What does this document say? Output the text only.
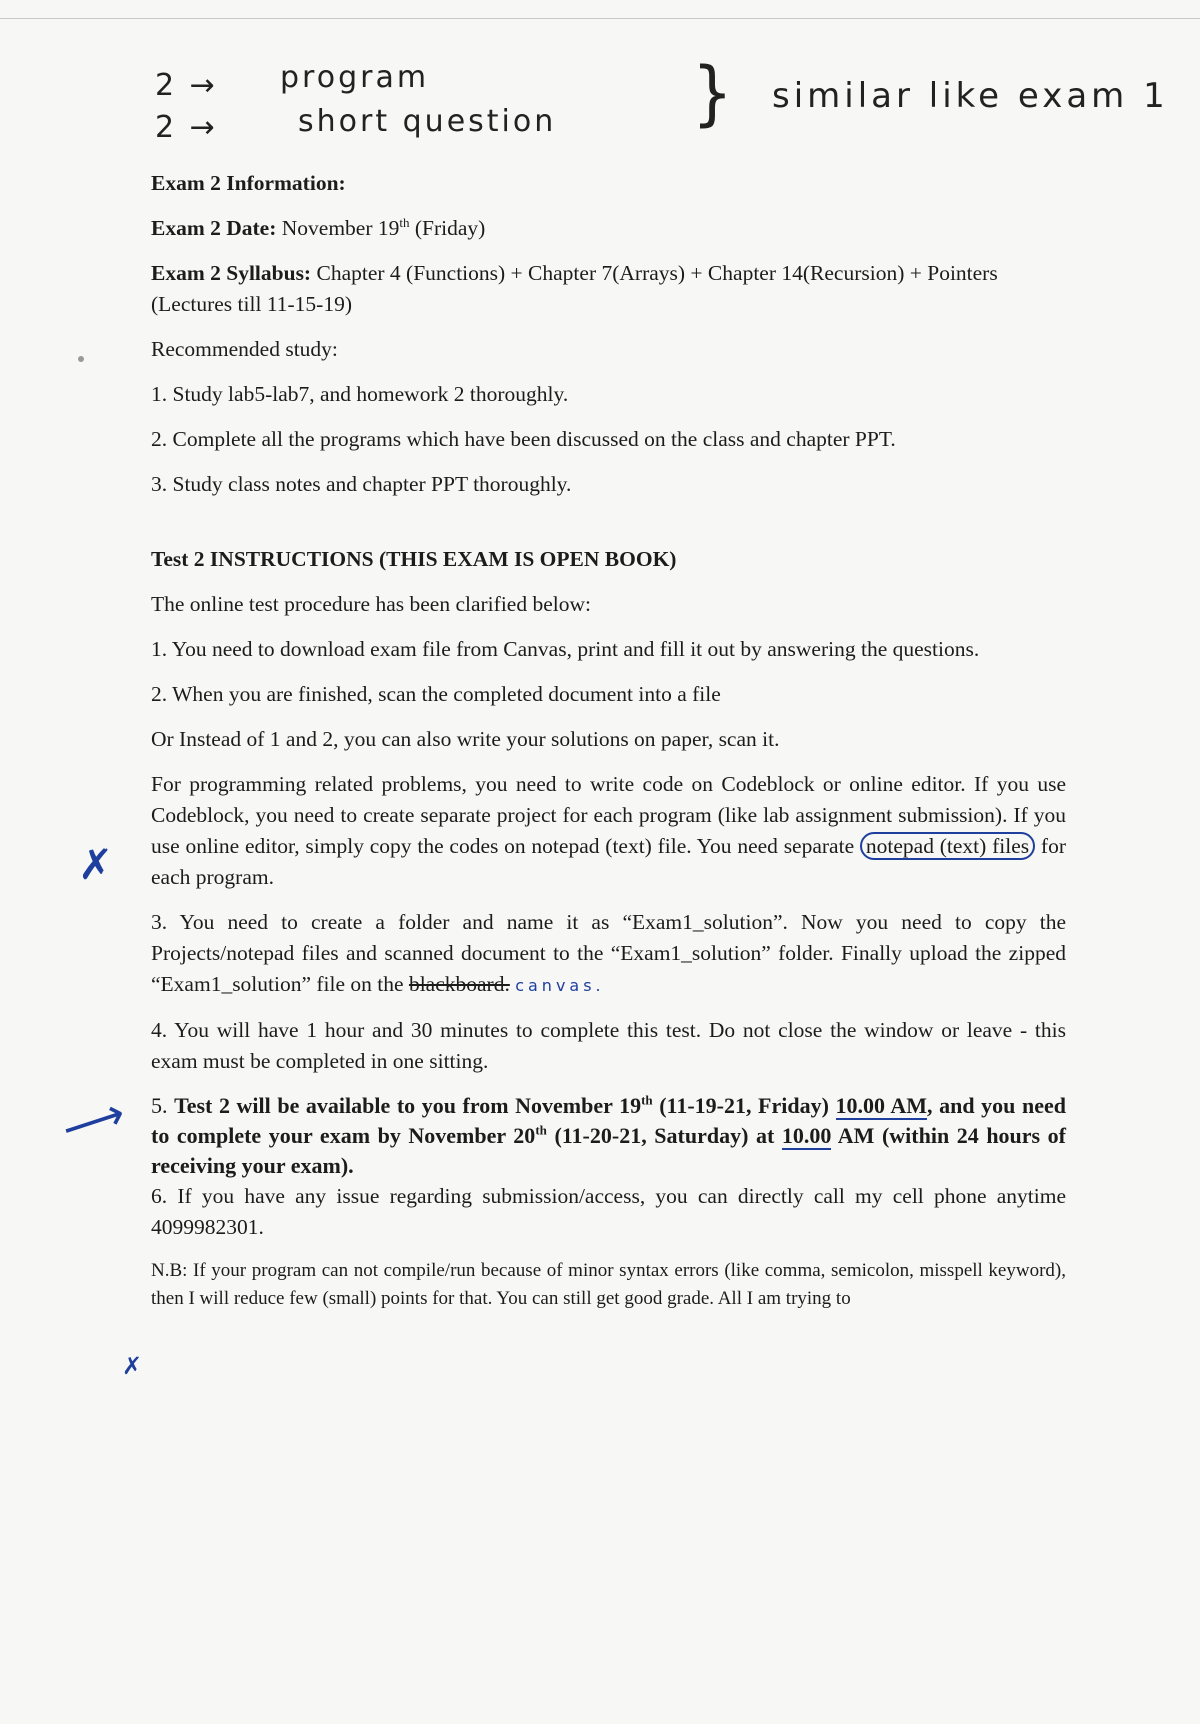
2 → program
2 →	short question } similar like exam 1
✗
⟶
✗

Exam 2 Information:

Exam 2 Date: November 19th (Friday)

Exam 2 Syllabus: Chapter 4 (Functions) + Chapter 7(Arrays) + Chapter 14(Recursion) + Pointers (Lectures till 11-15-19)

Recommended study:

1. Study lab5-lab7, and homework 2 thoroughly.

2. Complete all the programs which have been discussed on the class and chapter PPT.

3. Study class notes and chapter PPT thoroughly.

Test 2 INSTRUCTIONS (THIS EXAM IS OPEN BOOK)

The online test procedure has been clarified below:

1. You need to download exam file from Canvas, print and fill it out by answering the questions.

2. When you are finished, scan the completed document into a file

Or Instead of 1 and 2, you can also write your solutions on paper, scan it.

For programming related problems, you need to write code on Codeblock or online editor. If you use Codeblock, you need to create separate project for each program (like lab assignment submission). If you use online editor, simply copy the codes on notepad (text) file. You need separate notepad (text) files for each program.

3. You need to create a folder and name it as “Exam1_solution”. Now you need to copy the Projects/notepad files and scanned document to the “Exam1_solution” folder. Finally upload the zipped “Exam1_solution” file on the blackboard. canvas.

4. You will have 1 hour and 30 minutes to complete this test. Do not close the window or leave - this exam must be completed in one sitting.

5. Test 2 will be available to you from November 19th (11-19-21, Friday) 10.00 AM, and you need to complete your exam by November 20th (11-20-21, Saturday) at 10.00 AM (within 24 hours of receiving your exam).

6. If you have any issue regarding submission/access, you can directly call my cell phone anytime 4099982301.

N.B: If your program can not compile/run because of minor syntax errors (like comma, semicolon, misspell keyword), then I will reduce few (small) points for that. You can still get good grade. All I am trying to
